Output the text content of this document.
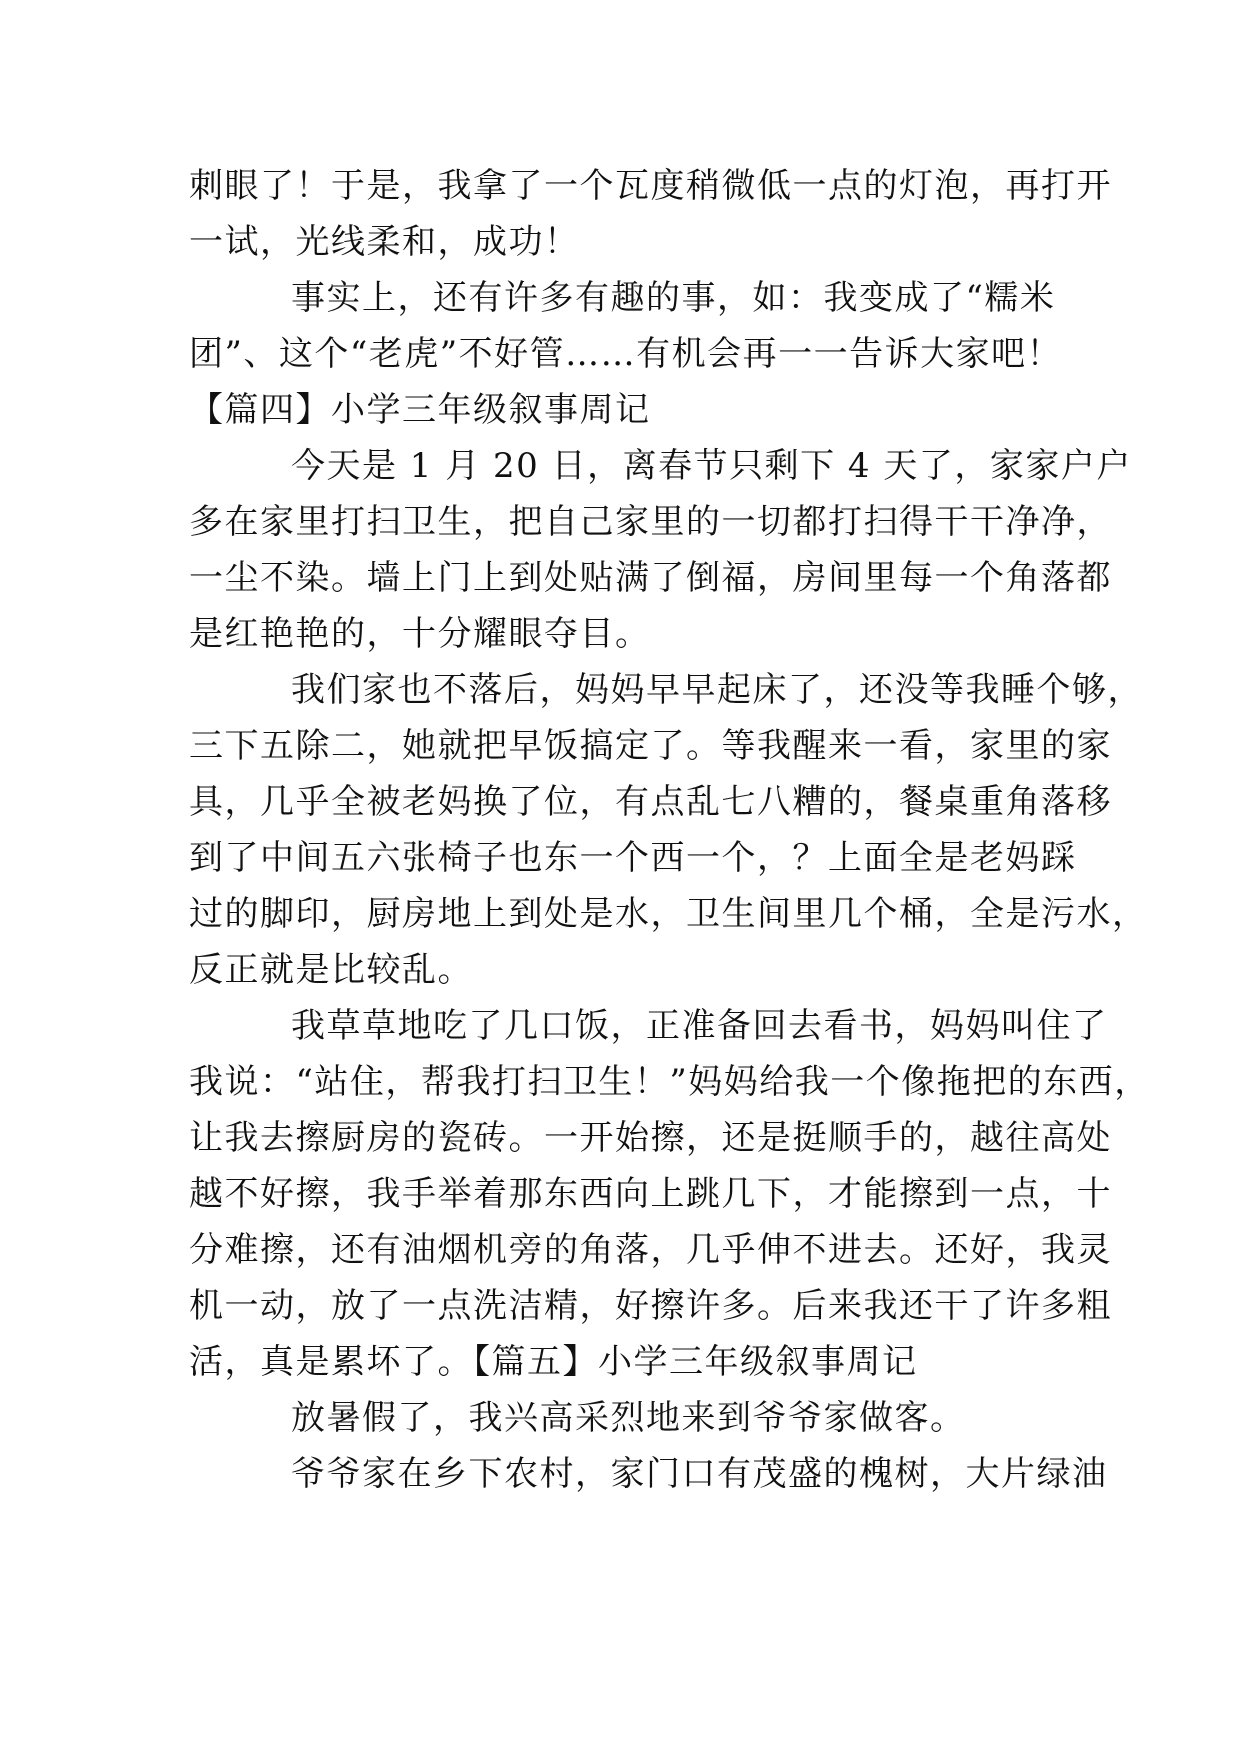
刺眼了！于是，我拿了一个瓦度稍微低一点的灯泡，再打开
一试，光线柔和，成功！
事实上，还有许多有趣的事，如：我变成了“糯米
团”、这个“老虎”不好管……有机会再一一告诉大家吧！
【篇四】小学三年级叙事周记
今天是 1 月 20 日，离春节只剩下 4 天了，家家户户
多在家里打扫卫生，把自己家里的一切都打扫得干干净净，
一尘不染。墙上门上到处贴满了倒福，房间里每一个角落都
是红艳艳的，十分耀眼夺目。
我们家也不落后，妈妈早早起床了，还没等我睡个够，
三下五除二，她就把早饭搞定了。等我醒来一看，家里的家
具，几乎全被老妈换了位，有点乱七八糟的，餐桌重角落移
到了中间五六张椅子也东一个西一个，？上面全是老妈踩
过的脚印，厨房地上到处是水，卫生间里几个桶，全是污水，
反正就是比较乱。
我草草地吃了几口饭，正准备回去看书，妈妈叫住了
我说：“站住，帮我打扫卫生！”妈妈给我一个像拖把的东西，
让我去擦厨房的瓷砖。一开始擦，还是挺顺手的，越往高处
越不好擦，我手举着那东西向上跳几下，才能擦到一点，十
分难擦，还有油烟机旁的角落，几乎伸不进去。还好，我灵
机一动，放了一点洗洁精，好擦许多。后来我还干了许多粗
活，真是累坏了。【篇五】小学三年级叙事周记
放暑假了，我兴高采烈地来到爷爷家做客。
爷爷家在乡下农村，家门口有茂盛的槐树，大片绿油
